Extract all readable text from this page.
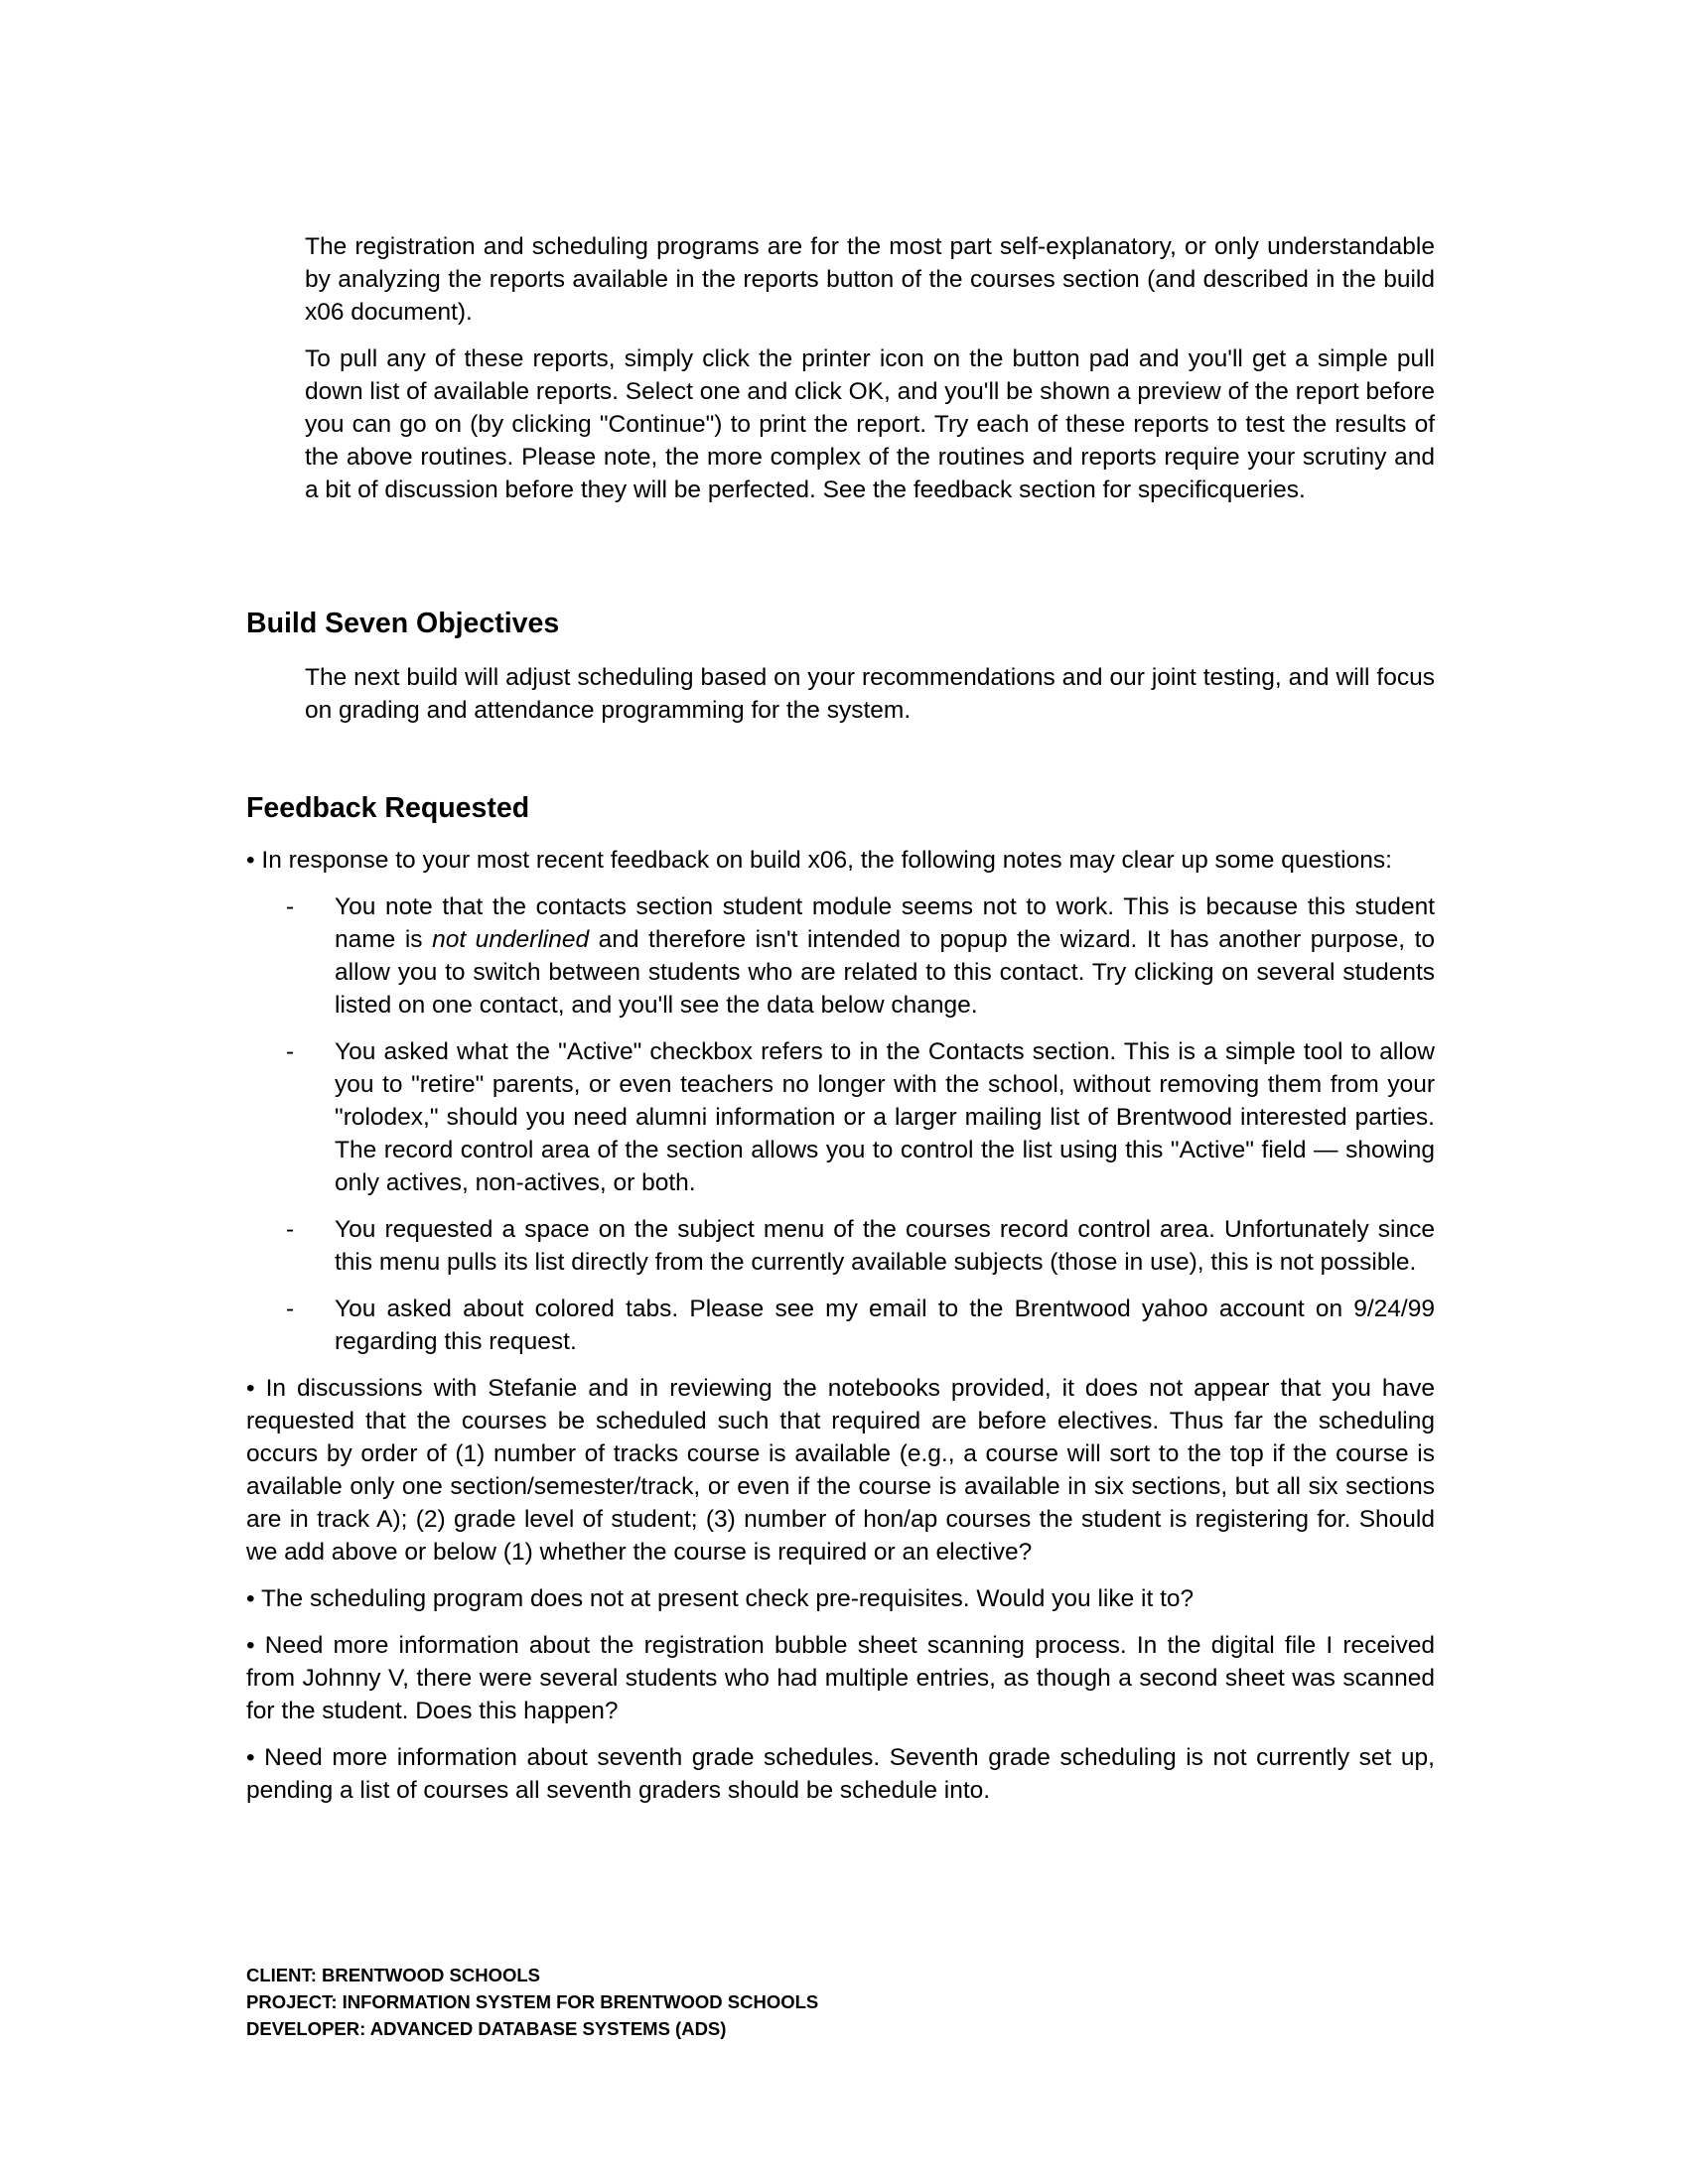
The registration and scheduling programs are for the most part self-explanatory, or only understandable by analyzing the reports available in the reports button of the courses section (and described in the build x06 document).

To pull any of these reports, simply click the printer icon on the button pad and you'll get a simple pull down list of available reports. Select one and click OK, and you'll be shown a preview of the report before you can go on (by clicking "Continue") to print the report. Try each of these reports to test the results of the above routines. Please note, the more complex of the routines and reports require your scrutiny and a bit of discussion before they will be perfected. See the feedback section for specificqueries.

Build Seven Objectives

The next build will adjust scheduling based on your recommendations and our joint testing, and will focus on grading and attendance programming for the system.

Feedback Requested

• In response to your most recent feedback on build x06, the following notes may clear up some questions:

- You note that the contacts section student module seems not to work. This is because this student name is not underlined and therefore isn't intended to popup the wizard. It has another purpose, to allow you to switch between students who are related to this contact. Try clicking on several students listed on one contact, and you'll see the data below change.
- You asked what the "Active" checkbox refers to in the Contacts section. This is a simple tool to allow you to "retire" parents, or even teachers no longer with the school, without removing them from your "rolodex," should you need alumni information or a larger mailing list of Brentwood interested parties. The record control area of the section allows you to control the list using this "Active" field — showing only actives, non-actives, or both.
- You requested a space on the subject menu of the courses record control area. Unfortunately since this menu pulls its list directly from the currently available subjects (those in use), this is not possible.
- You asked about colored tabs. Please see my email to the Brentwood yahoo account on 9/24/99 regarding this request.

• In discussions with Stefanie and in reviewing the notebooks provided, it does not appear that you have requested that the courses be scheduled such that required are before electives. Thus far the scheduling occurs by order of (1) number of tracks course is available (e.g., a course will sort to the top if the course is available only one section/semester/track, or even if the course is available in six sections, but all six sections are in track A); (2) grade level of student; (3) number of hon/ap courses the student is registering for. Should we add above or below (1) whether the course is required or an elective?

• The scheduling program does not at present check pre-requisites. Would you like it to?

• Need more information about the registration bubble sheet scanning process. In the digital file I received from Johnny V, there were several students who had multiple entries, as though a second sheet was scanned for the student. Does this happen?

• Need more information about seventh grade schedules. Seventh grade scheduling is not currently set up, pending a list of courses all seventh graders should be schedule into.

CLIENT: BRENTWOOD SCHOOLS
PROJECT: INFORMATION SYSTEM FOR BRENTWOOD SCHOOLS
DEVELOPER: ADVANCED DATABASE SYSTEMS (ADS)
